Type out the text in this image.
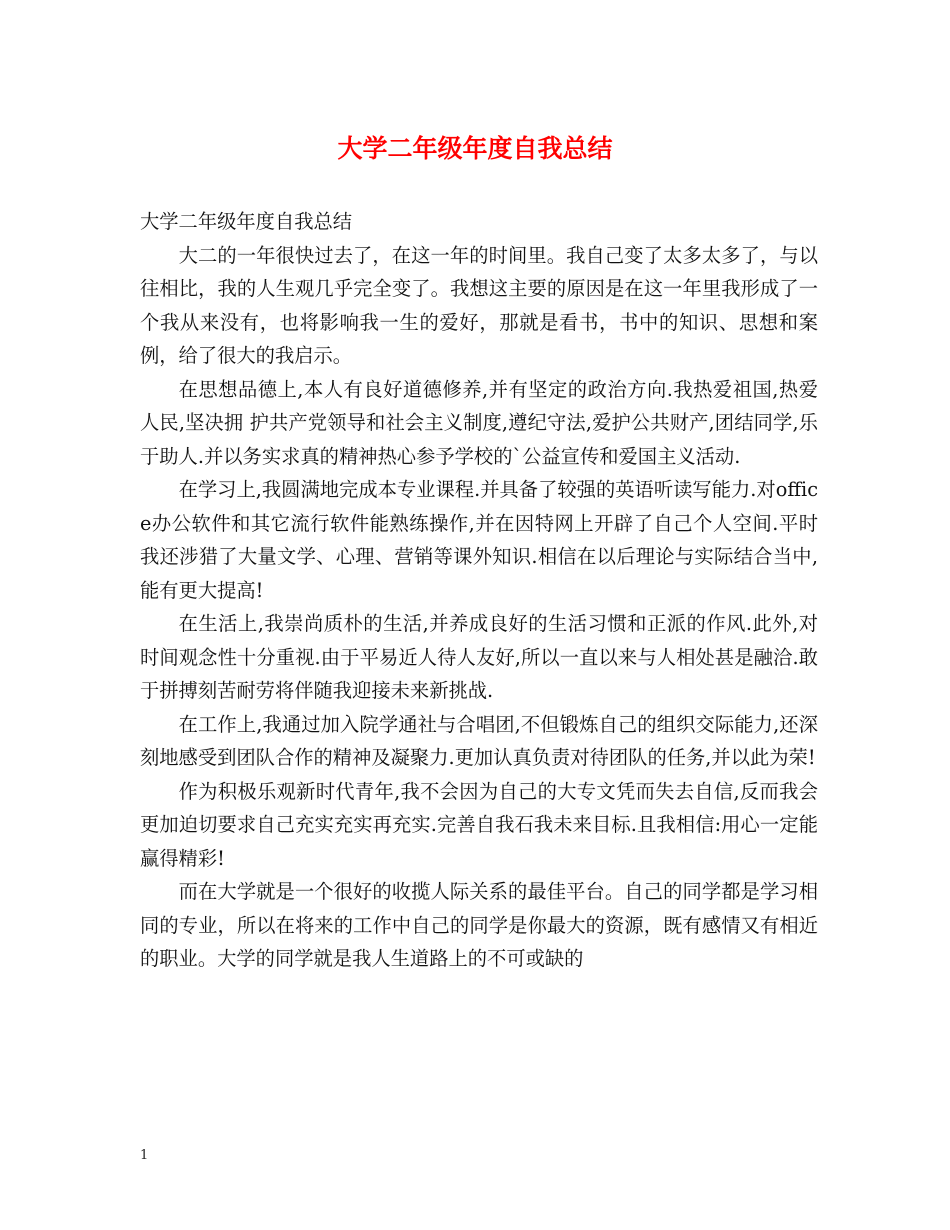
大学二年级年度自我总结

大学二年级年度自我总结

大二的一年很快过去了，在这一年的时间里。我自己变了太多太多了，与以往相比，我的人生观几乎完全变了。我想这主要的原因是在这一年里我形成了一个我从来没有，也将影响我一生的爱好，那就是看书，书中的知识、思想和案例，给了很大的我启示。

在思想品德上,本人有良好道德修养,并有坚定的政治方向.我热爱祖国,热爱人民,坚决拥 护共产党领导和社会主义制度,遵纪守法,爱护公共财产,团结同学,乐于助人.并以务实求真的精神热心参予学校的`公益宣传和爱国主义活动.

在学习上,我圆满地完成本专业课程.并具备了较强的英语听读写能力.对office办公软件和其它流行软件能熟练操作,并在因特网上开辟了自己个人空间.平时我还涉猎了大量文学、心理、营销等课外知识.相信在以后理论与实际结合当中,能有更大提高!

在生活上,我崇尚质朴的生活,并养成良好的生活习惯和正派的作风.此外,对时间观念性十分重视.由于平易近人待人友好,所以一直以来与人相处甚是融洽.敢于拼搏刻苦耐劳将伴随我迎接未来新挑战.

在工作上,我通过加入院学通社与合唱团,不但锻炼自己的组织交际能力,还深刻地感受到团队合作的精神及凝聚力.更加认真负责对待团队的任务,并以此为荣!

作为积极乐观新时代青年,我不会因为自己的大专文凭而失去自信,反而我会更加迫切要求自己充实充实再充实.完善自我石我未来目标.且我相信:用心一定能赢得精彩!

而在大学就是一个很好的收揽人际关系的最佳平台。自己的同学都是学习相同的专业，所以在将来的工作中自己的同学是你最大的资源，既有感情又有相近的职业。大学的同学就是我人生道路上的不可或缺的

1
